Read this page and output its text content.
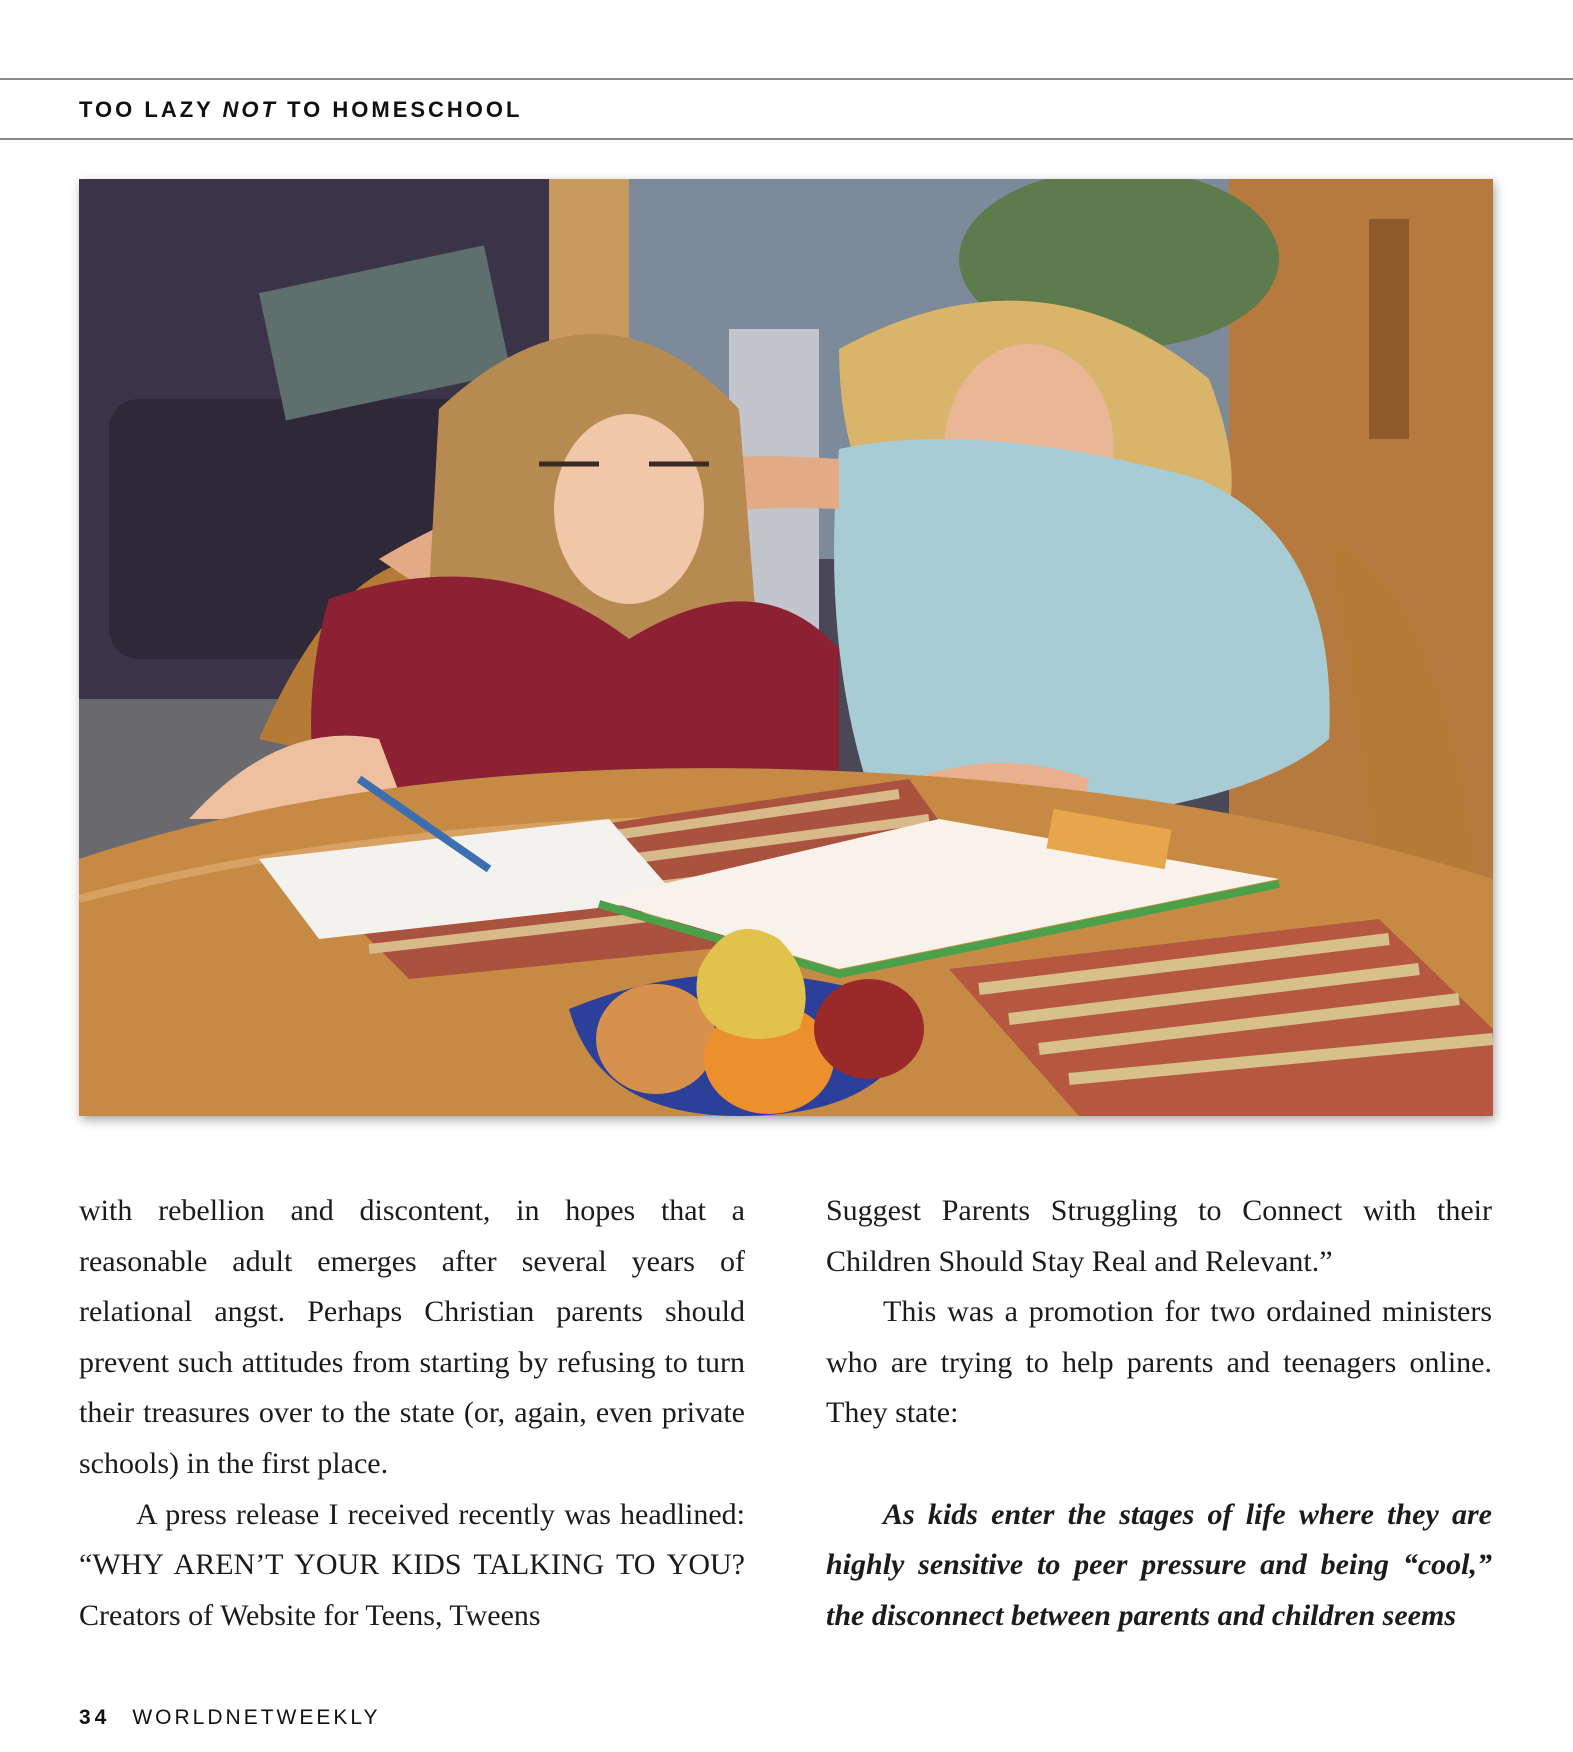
TOO LAZY NOT TO HOMESCHOOL

with rebellion and discontent, in hopes that a reasonable adult emerges after several years of relational angst. Perhaps Christian parents should prevent such attitudes from starting by refusing to turn their treasures over to the state (or, again, even private schools) in the first place.

A press release I received recently was headlined: “WHY AREN’T YOUR KIDS TALKING TO YOU? Creators of Website for Teens, Tweens

Suggest Parents Struggling to Connect with their Children Should Stay Real and Relevant.”

This was a promotion for two ordained ministers who are trying to help parents and teenagers online. They state:

As kids enter the stages of life where they are highly sensitive to peer pressure and being “cool,” the disconnect between parents and children seems

34 WORLDNETWEEKLY
